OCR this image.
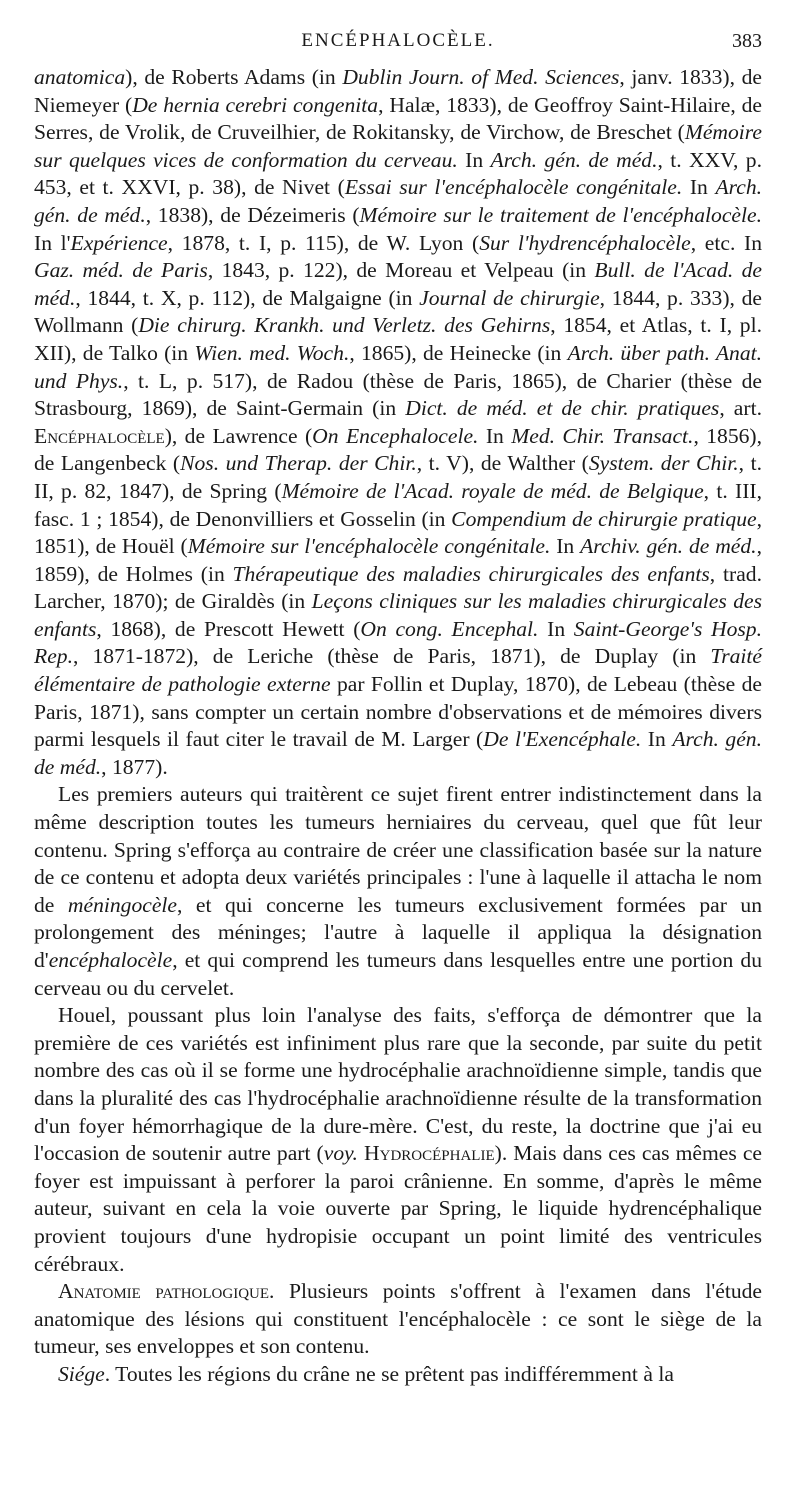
ENCÉPHALOCÈLE.	383

anatomica), de Roberts Adams (in Dublin Journ. of Med. Sciences, janv. 1833), de Niemeyer (De hernia cerebri congenita, Halæ, 1833), de Geoffroy Saint-Hilaire, de Serres, de Vrolik, de Cruveilhier, de Rokitansky, de Virchow, de Breschet (Mémoire sur quelques vices de conformation du cerveau. In Arch. gén. de méd., t. XXV, p. 453, et t. XXVI, p. 38), de Nivet (Essai sur l'encéphalocèle congénitale. In Arch. gén. de méd., 1838), de Dézeimeris (Mémoire sur le traitement de l'encéphalocèle. In l'Expérience, 1878, t. I, p. 115), de W. Lyon (Sur l'hydrencéphalocèle, etc. In Gaz. méd. de Paris, 1843, p. 122), de Moreau et Velpeau (in Bull. de l'Acad. de méd., 1844, t. X, p. 112), de Malgaigne (in Journal de chirurgie, 1844, p. 333), de Wollmann (Die chirurg. Krankh. und Verletz. des Gehirns, 1854, et Atlas, t. I, pl. XII), de Talko (in Wien. med. Woch., 1865), de Heinecke (in Arch. über path. Anat. und Phys., t. L, p. 517), de Radou (thèse de Paris, 1865), de Charier (thèse de Strasbourg, 1869), de Saint-Germain (in Dict. de méd. et de chir. pratiques, art. Encéphalocèle), de Lawrence (On Encephalocele. In Med. Chir. Transact., 1856), de Langenbeck (Nos. und Therap. der Chir., t. V), de Walther (System. der Chir., t. II, p. 82, 1847), de Spring (Mémoire de l'Acad. royale de méd. de Belgique, t. III, fasc. 1 ; 1854), de Denonvilliers et Gosselin (in Compendium de chirurgie pratique, 1851), de Houël (Mémoire sur l'encéphalocèle congénitale. In Archiv. gén. de méd., 1859), de Holmes (in Thérapeutique des maladies chirurgicales des enfants, trad. Larcher, 1870); de Giraldès (in Leçons cliniques sur les maladies chirurgicales des enfants, 1868), de Prescott Hewett (On cong. Encephal. In Saint-George's Hosp. Rep., 1871-1872), de Leriche (thèse de Paris, 1871), de Duplay (in Traité élémentaire de pathologie externe par Follin et Duplay, 1870), de Lebeau (thèse de Paris, 1871), sans compter un certain nombre d'observations et de mémoires divers parmi lesquels il faut citer le travail de M. Larger (De l'Exencéphale. In Arch. gén. de méd., 1877).

Les premiers auteurs qui traitèrent ce sujet firent entrer indistinctement dans la même description toutes les tumeurs herniaires du cerveau, quel que fût leur contenu. Spring s'efforça au contraire de créer une classification basée sur la nature de ce contenu et adopta deux variétés principales : l'une à laquelle il attacha le nom de méningocèle, et qui concerne les tumeurs exclusivement formées par un prolongement des méninges; l'autre à laquelle il appliqua la désignation d'encéphalocèle, et qui comprend les tumeurs dans lesquelles entre une portion du cerveau ou du cervelet.

Houel, poussant plus loin l'analyse des faits, s'efforça de démontrer que la première de ces variétés est infiniment plus rare que la seconde, par suite du petit nombre des cas où il se forme une hydrocéphalie arachnoïdienne simple, tandis que dans la pluralité des cas l'hydrocéphalie arachnoïdienne résulte de la transformation d'un foyer hémorrhagique de la dure-mère. C'est, du reste, la doctrine que j'ai eu l'occasion de soutenir autre part (voy. Hydrocéphalie). Mais dans ces cas mêmes ce foyer est impuissant à perforer la paroi crânienne. En somme, d'après le même auteur, suivant en cela la voie ouverte par Spring, le liquide hydrencéphalique provient toujours d'une hydropisie occupant un point limité des ventricules cérébraux.

Anatomie pathologique. Plusieurs points s'offrent à l'examen dans l'étude anatomique des lésions qui constituent l'encéphalocèle : ce sont le siège de la tumeur, ses enveloppes et son contenu.

Siége. Toutes les régions du crâne ne se prêtent pas indifféremment à la
